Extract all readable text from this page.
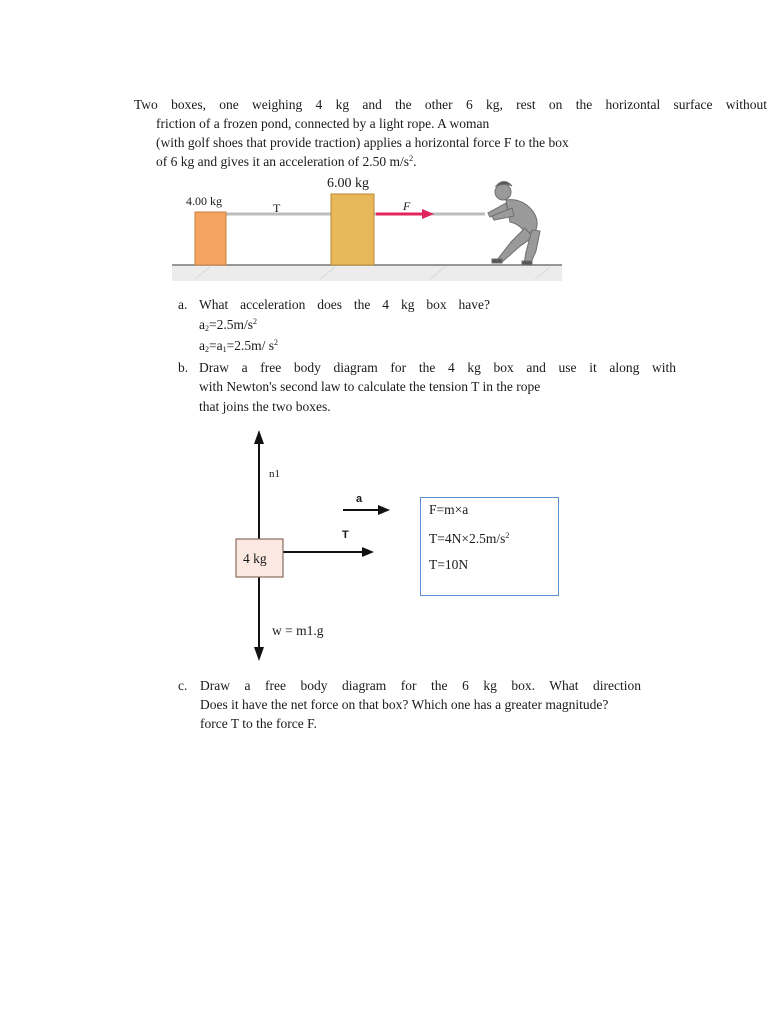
Two boxes, one weighing 4 kg and the other 6 kg, rest on the horizontal surface without
friction of a frozen pond, connected by a light rope. A woman
(with golf shoes that provide traction) applies a horizontal force F to the box
of 6 kg and gives it an acceleration of 2.50 $m/s^2$.
6.00 kg
4.00 kg	T	F
a. What acceleration does the 4 kg box have?
$a_2=2.5m/s^2$
$a_2=a_1=2.5m/$ $s^2$
b. Draw a free body diagram for the 4 kg box and use it along with
with Newton's second law to calculate the tension T in the rope
that joins the two boxes.
n1
a
T
4 kg
w = m1.g
F=m×a
$T=4N\times 2.5m/s^2$
T=10N
c. Draw a free body diagram for the 6 kg box. What direction
Does it have the net force on that box? Which one has a greater magnitude?
force T to the force F.
